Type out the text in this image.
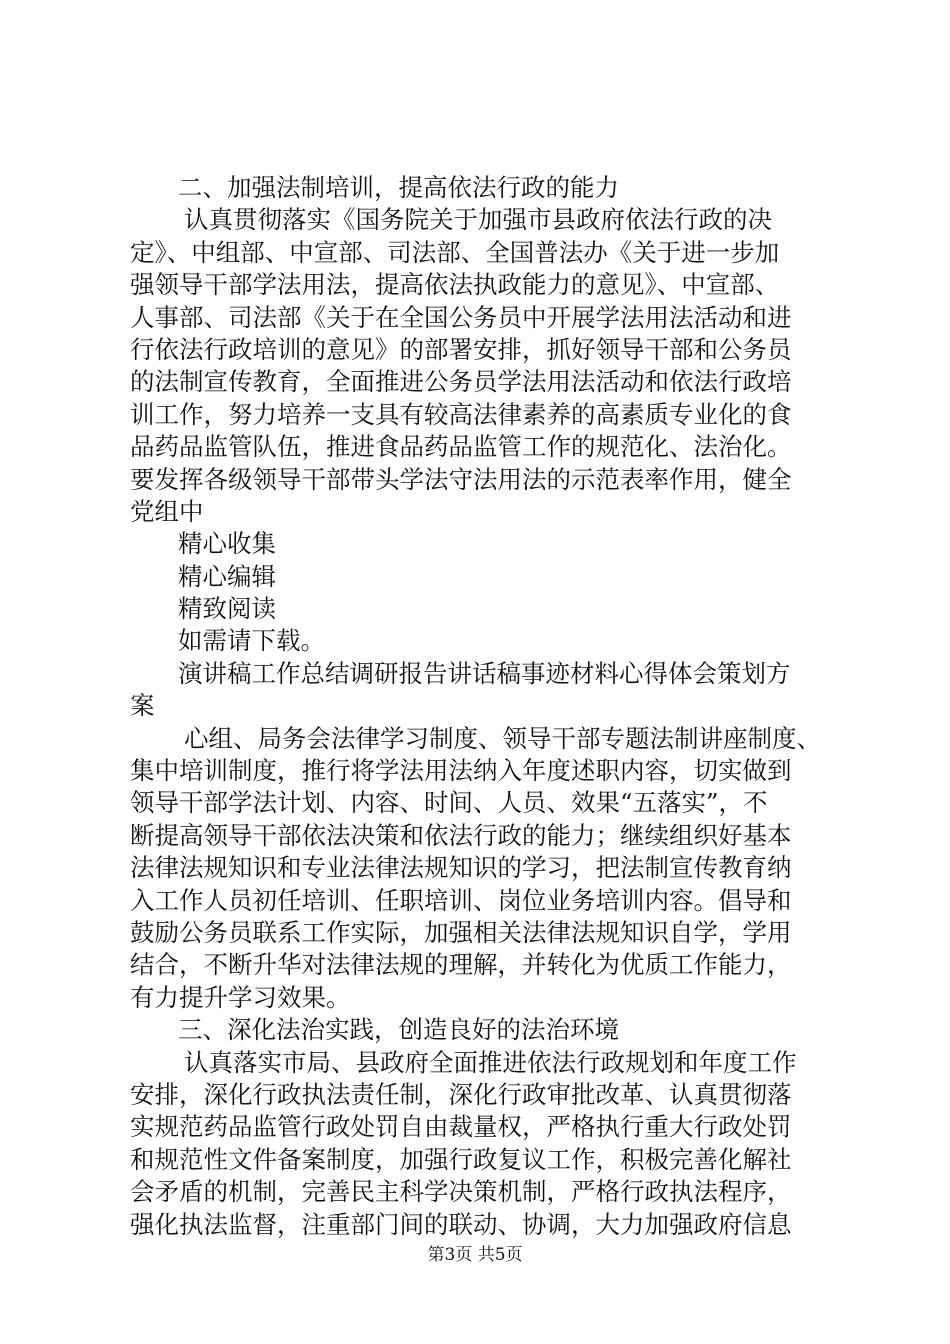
二、加强法制培训，提高依法行政的能力
认真贯彻落实《国务院关于加强市县政府依法行政的决
定》、中组部、中宣部、司法部、全国普法办《关于进一步加
强领导干部学法用法，提高依法执政能力的意见》、中宣部、
人事部、司法部《关于在全国公务员中开展学法用法活动和进
行依法行政培训的意见》的部署安排，抓好领导干部和公务员
的法制宣传教育，全面推进公务员学法用法活动和依法行政培
训工作，努力培养一支具有较高法律素养的高素质专业化的食
品药品监管队伍，推进食品药品监管工作的规范化、法治化。
要发挥各级领导干部带头学法守法用法的示范表率作用，健全
党组中
精心收集
精心编辑
精致阅读
如需请下载。
演讲稿工作总结调研报告讲话稿事迹材料心得体会策划方
案
心组、局务会法律学习制度、领导干部专题法制讲座制度、
集中培训制度，推行将学法用法纳入年度述职内容，切实做到
领导干部学法计划、内容、时间、人员、效果“五落实”，不
断提高领导干部依法决策和依法行政的能力；继续组织好基本
法律法规知识和专业法律法规知识的学习，把法制宣传教育纳
入工作人员初任培训、任职培训、岗位业务培训内容。倡导和
鼓励公务员联系工作实际，加强相关法律法规知识自学，学用
结合，不断升华对法律法规的理解，并转化为优质工作能力，
有力提升学习效果。
三、深化法治实践，创造良好的法治环境
认真落实市局、县政府全面推进依法行政规划和年度工作
安排，深化行政执法责任制，深化行政审批改革、认真贯彻落
实规范药品监管行政处罚自由裁量权，严格执行重大行政处罚
和规范性文件备案制度，加强行政复议工作，积极完善化解社
会矛盾的机制，完善民主科学决策机制，严格行政执法程序，
强化执法监督，注重部门间的联动、协调，大力加强政府信息
第3页 共5页
